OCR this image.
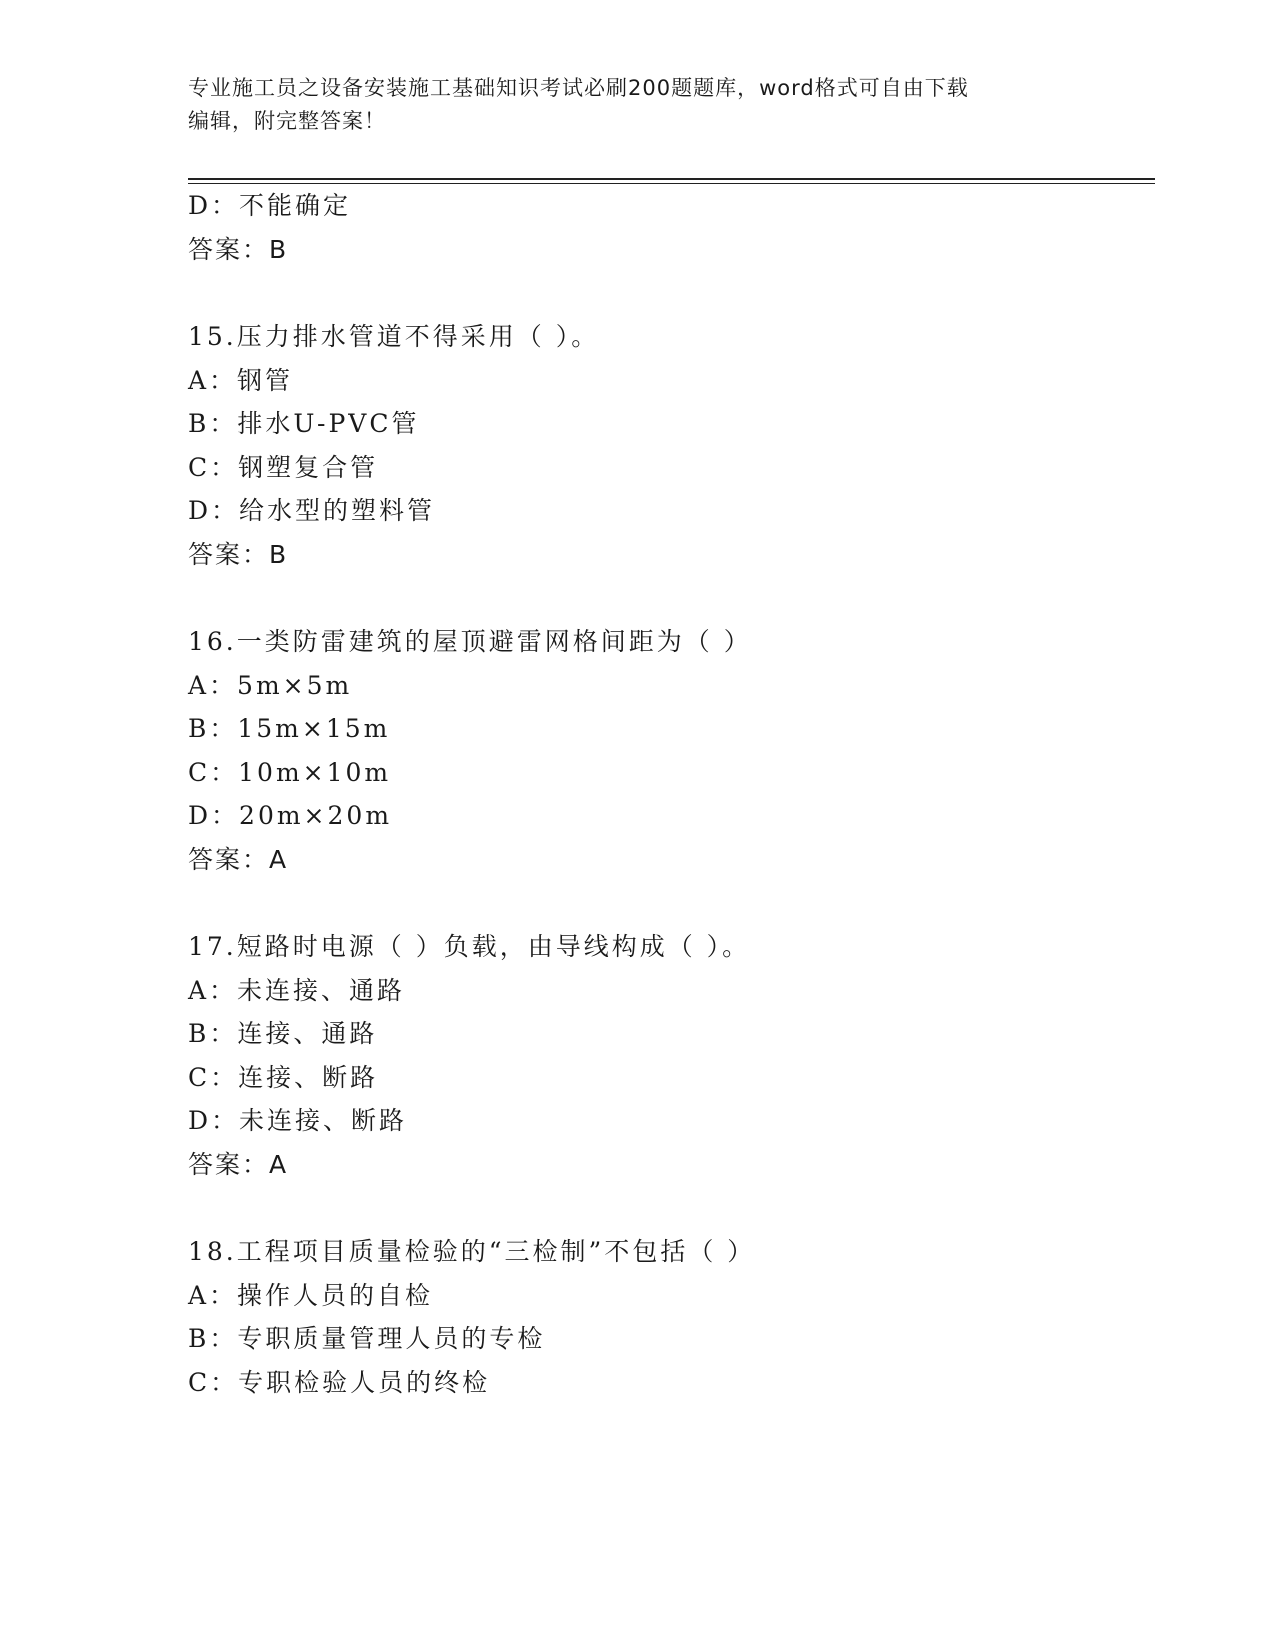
专业施工员之设备安装施工基础知识考试必刷200题题库，word格式可自由下载
编辑，附完整答案！
D：不能确定
答案：B
15.压力排水管道不得采用（ ）。
A：钢管
B：排水U-PVC管
C：钢塑复合管
D：给水型的塑料管
答案：B
16.一类防雷建筑的屋顶避雷网格间距为（ ）
A：5m×5m
B：15m×15m
C：10m×10m
D：20m×20m
答案：A
17.短路时电源（ ）负载，由导线构成（ ）。
A：未连接、通路
B：连接、通路
C：连接、断路
D：未连接、断路
答案：A
18.工程项目质量检验的“三检制”不包括（ ）
A：操作人员的自检
B：专职质量管理人员的专检
C：专职检验人员的终检
